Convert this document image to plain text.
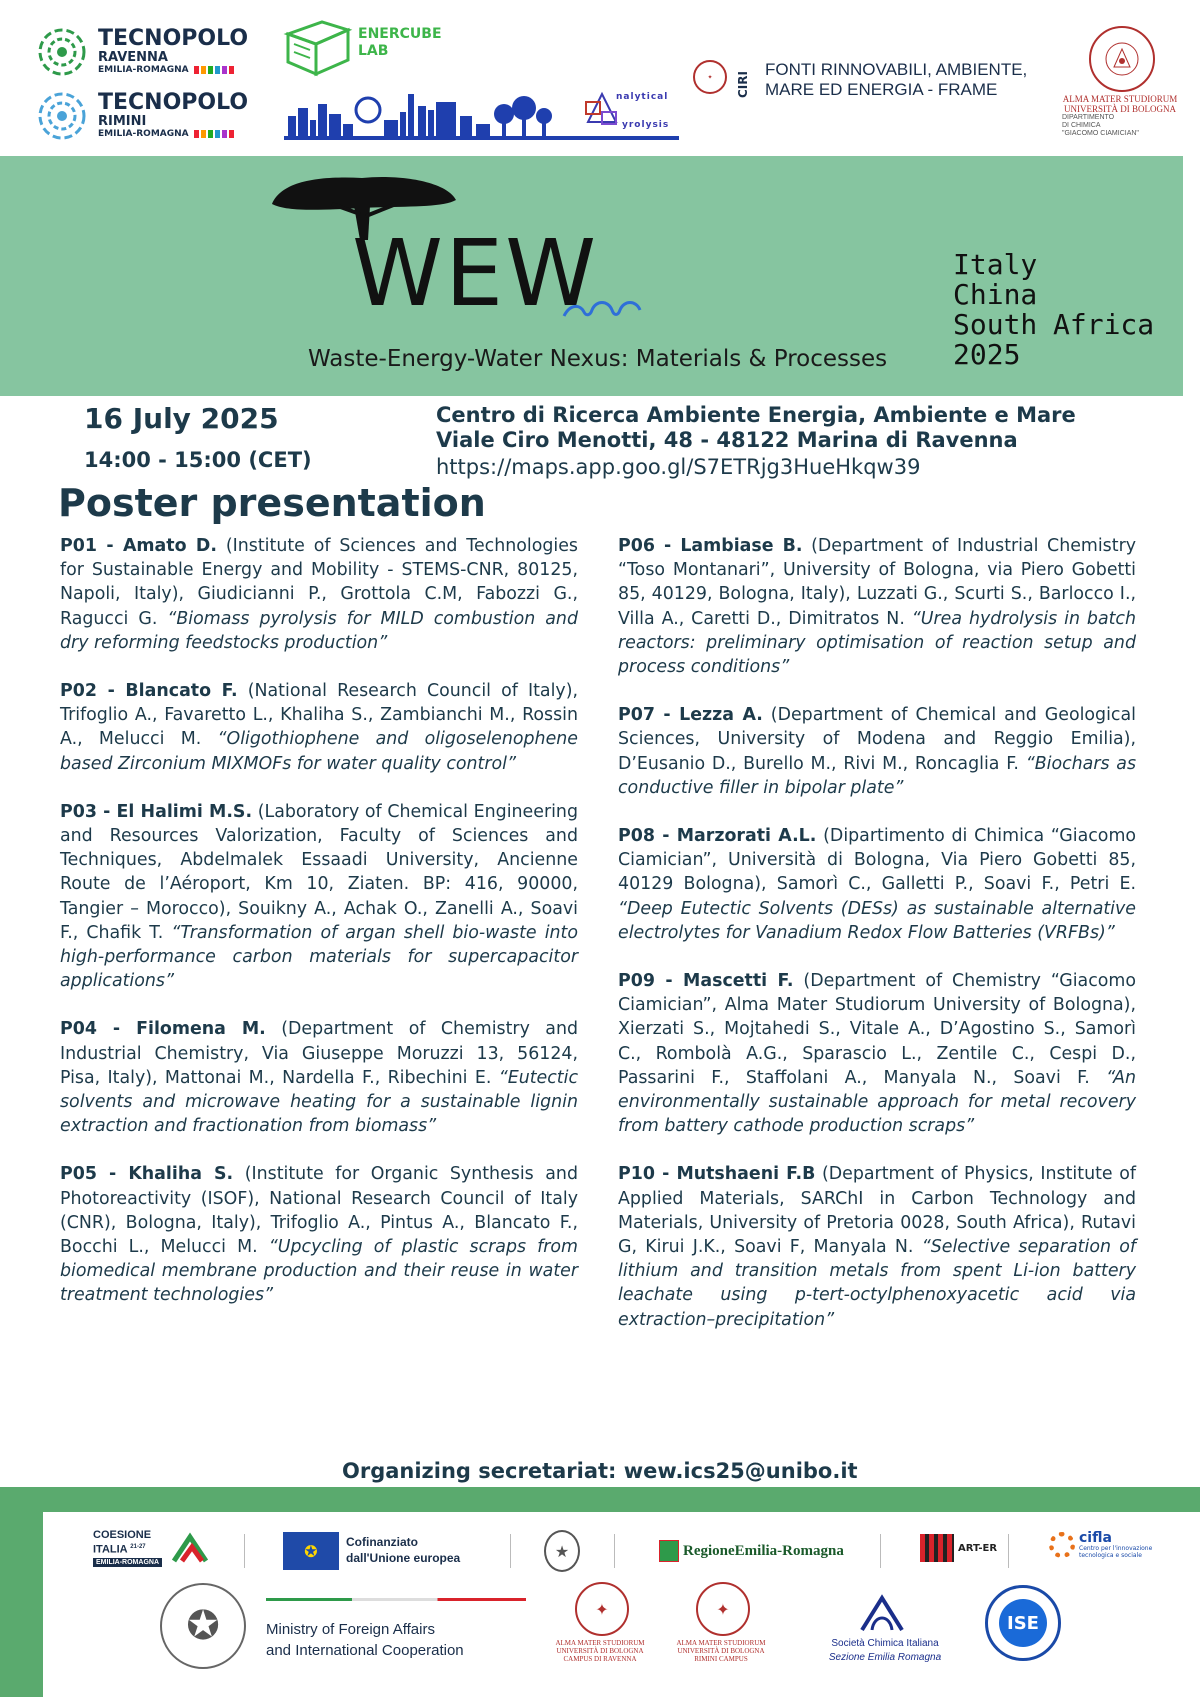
TECNOPOLO
RAVENNA
EMILIA-ROMAGNA
TECNOPOLO
RIMINI
EMILIA-ROMAGNA
ENERCUBE
LAB
nalytical
yrolysis
✦	CIRI
FONTI RINNOVABILI, AMBIENTE,
MARE ED ENERGIA - FRAME	ALMA MATER STUDIORUM
UNIVERSITÀ DI BOLOGNA
DIPARTIMENTO
DI CHIMICA
"GIACOMO CIAMICIAN"
WEW
Waste-Energy-Water Nexus: Materials & Processes
Italy
China
South
2025
Africa
16 July 2025
14:00 - 15:00 (CET)
Centro di Ricerca Ambiente Energia, Ambiente e Mare
Viale Ciro Menotti, 48 - 48122 Marina di Ravenna
https://maps.app.goo.gl/S7ETRjg3HueHkqw39
Poster presentation

P01 - Amato D. (Institute of Sciences and Technologies for Sustainable Energy and Mobility - STEMS-CNR, 80125, Napoli, Italy), Giudicianni P., Grottola C.M, Fabozzi G., Ragucci G. “Biomass pyrolysis for MILD combustion and dry reforming feedstocks production”

P02 - Blancato F. (National Research Council of Italy), Trifoglio A., Favaretto L., Khaliha S., Zambianchi M., Rossin A., Melucci M. “Oligothiophene and oligoselenophene based Zirconium MIXMOFs for water quality control”

P03 - El Halimi M.S. (Laboratory of Chemical Engineering and Resources Valorization, Faculty of Sciences and Techniques, Abdelmalek Essaadi University, Ancienne Route de l’Aéroport, Km 10, Ziaten. BP: 416, 90000, Tangier – Morocco), Souikny A., Achak O., Zanelli A., Soavi F., Chafik T. “Transformation of argan shell bio-waste into high-performance carbon materials for supercapacitor applications”

P04 - Filomena M. (Department of Chemistry and Industrial Chemistry, Via Giuseppe Moruzzi 13, 56124, Pisa, Italy), Mattonai M., Nardella F., Ribechini E. “Eutectic solvents and microwave heating for a sustainable lignin extraction and fractionation from biomass”

P05 - Khaliha S. (Institute for Organic Synthesis and Photoreactivity (ISOF), National Research Council of Italy (CNR), Bologna, Italy), Trifoglio A., Pintus A., Blancato F., Bocchi L., Melucci M. “Upcycling of plastic scraps from biomedical membrane production and their reuse in water treatment technologies”

P06 - Lambiase B. (Department of Industrial Chemistry “Toso Montanari”, University of Bologna, via Piero Gobetti 85, 40129, Bologna, Italy), Luzzati G., Scurti S., Barlocco I., Villa A., Caretti D., Dimitratos N. “Urea hydrolysis in batch reactors: preliminary optimisation of reaction setup and process conditions”

P07 - Lezza A. (Department of Chemical and Geological Sciences, University of Modena and Reggio Emilia), D’Eusanio D., Burello M., Rivi M., Roncaglia F. “Biochars as conductive filler in bipolar plate”

P08 - Marzorati A.L. (Dipartimento di Chimica “Giacomo Ciamician”, Università di Bologna, Via Piero Gobetti 85, 40129 Bologna), Samorì C., Galletti P., Soavi F., Petri E. “Deep Eutectic Solvents (DESs) as sustainable alternative electrolytes for Vanadium Redox Flow Batteries (VRFBs)”

P09 - Mascetti F. (Department of Chemistry “Giacomo Ciamician”, Alma Mater Studiorum University of Bologna), Xierzati S., Mojtahedi S., Vitale A., D’Agostino S., Samorì C., Rombolà A.G., Sparascio L., Zentile C., Cespi D., Passarini F., Staffolani A., Manyala N., Soavi F. “An environmentally sustainable approach for metal recovery from battery cathode production scraps”

P10 - Mutshaeni F.B (Department of Physics, Institute of Applied Materials, SARChI in Carbon Technology and Materials, University of Pretoria 0028, South Africa), Rutavi G, Kirui J.K., Soavi F, Manyala N. “Selective separation of lithium and transition metals from spent Li-ion battery leachate using p-tert-octylphenoxyacetic acid via extraction–precipitation”

Organizing secretariat: wew.ics25@unibo.it
COESIONE
ITALIA $^{21-27}$
EMILIA-ROMAGNA
✪	Cofinanziato
dall'Unione europea	★	RegioneEmilia-Romagna	ART-ER
cifla
Centro per l'innovazione tecnologica e sociale
✪	Ministry of Foreign Affairs
and International Cooperation
✦
ALMA MATER STUDIORUM
UNIVERSITÀ DI BOLOGNA
CAMPUS DI RAVENNA
✦
ALMA MATER STUDIORUM
UNIVERSITÀ DI BOLOGNA
RIMINI CAMPUS
Società Chimica Italiana
Sezione Emilia Romagna
ISE
